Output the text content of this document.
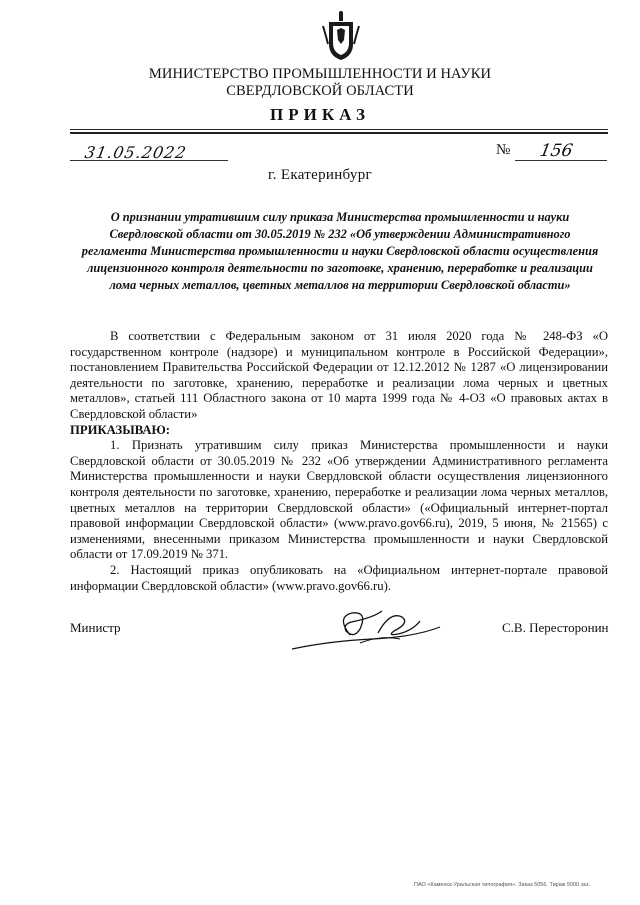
МИНИСТЕРСТВО ПРОМЫШЛЕННОСТИ И НАУКИ
СВЕРДЛОВСКОЙ ОБЛАСТИ
ПРИКАЗ
31.05.2022	№ 156
г. Екатеринбург
О признании утратившим силу приказа Министерства промышленности и науки Свердловской области от 30.05.2019 № 232 «Об утверждении Административного регламента Министерства промышленности и науки Свердловской области осуществления лицензионного контроля деятельности по заготовке, хранению, переработке и реализации лома черных металлов, цветных металлов на территории Свердловской области»

В соответствии с Федеральным законом от 31 июля 2020 года № 248-ФЗ «О государственном контроле (надзоре) и муниципальном контроле в Российской Федерации», постановлением Правительства Российской Федерации от 12.12.2012 № 1287 «О лицензировании деятельности по заготовке, хранению, переработке и реализации лома черных и цветных металлов», статьей 111 Областного закона от 10 марта 1999 года № 4-ОЗ «О правовых актах в Свердловской области»

ПРИКАЗЫВАЮ:

1. Признать утратившим силу приказ Министерства промышленности и науки Свердловской области от 30.05.2019 № 232 «Об утверждении Административного регламента Министерства промышленности и науки Свердловской области осуществления лицензионного контроля деятельности по заготовке, хранению, переработке и реализации лома черных металлов, цветных металлов на территории Свердловской области» («Официальный интернет-портал правовой информации Свердловской области» (www.pravo.gov66.ru), 2019, 5 июня, № 21565) с изменениями, внесенными приказом Министерства промышленности и науки Свердловской области от 17.09.2019 № 371.

2. Настоящий приказ опубликовать на «Официальном интернет-портале правовой информации Свердловской области» (www.pravo.gov66.ru).

Министр	С.В. Пересторонин
ПАО «Каменск-Уральская типография». Заказ 5056. Тираж 5000 экз.
